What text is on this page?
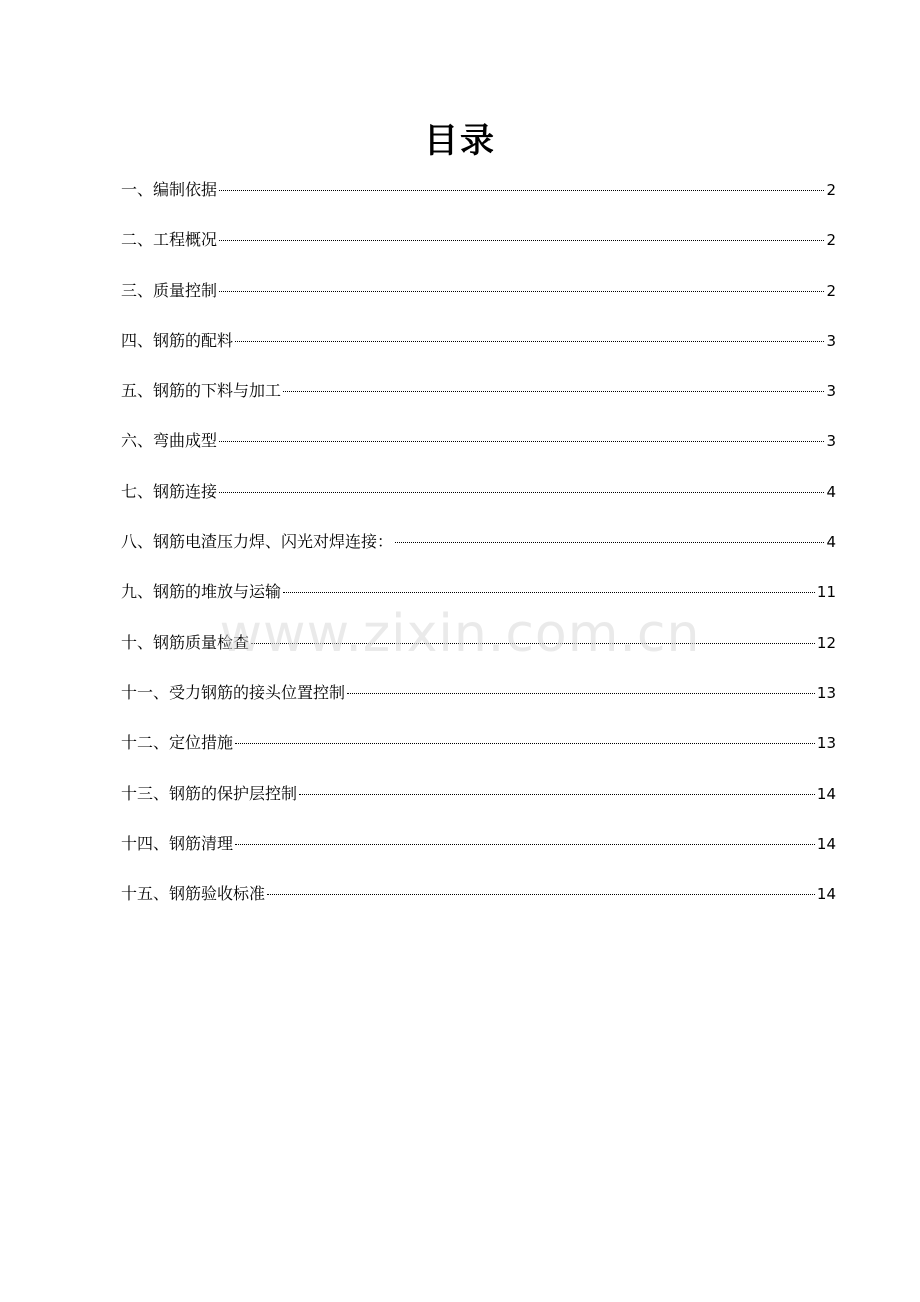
目录
一、编制依据	2
二、工程概况	2
三、质量控制	2
四、钢筋的配料	3
五、钢筋的下料与加工	3
六、弯曲成型	3
七、钢筋连接	4
八、钢筋电渣压力焊、闪光对焊连接：	4
九、钢筋的堆放与运输	11
十、钢筋质量检查	12
十一、受力钢筋的接头位置控制	13
十二、定位措施	13
十三、钢筋的保护层控制	14
十四、钢筋清理	14
十五、钢筋验收标准	14
www.zixin.com.cn
